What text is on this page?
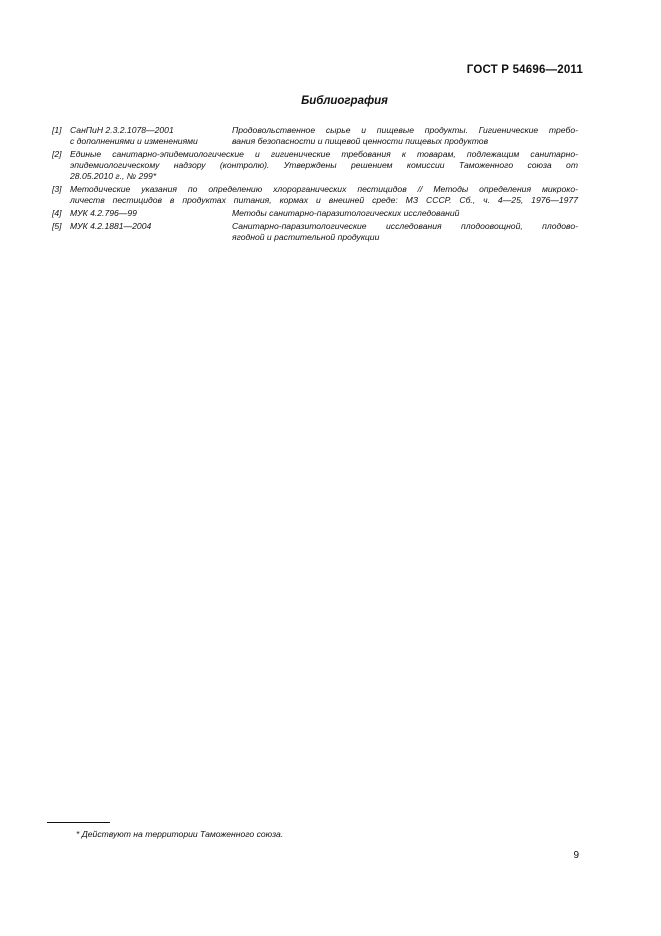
ГОСТ Р 54696—2011
Библиография
[1] СанПиН 2.3.2.1078—2001
с дополнениями и изменениями
Продовольственное сырье и пищевые продукты. Гигиенические требо-
вания безопасности и пищевой ценности пищевых продуктов
[2] Единые санитарно-эпидемиологические и гигиенические требования к товарам, подлежащим санитарно-
эпидемиологическому надзору (контролю). Утверждены решением комиссии Таможенного союза от
28.05.2010 г., № 299*
[3] Методические указания по определению хлорорганических пестицидов // Методы определения микроко-
личеств пестицидов в продуктах питания, кормах и внешней среде: МЗ СССР. Сб., ч. 4—25, 1976—1977
[4] МУК 4.2.796—99	Методы санитарно-паразитологических исследований
[5] МУК 4.2.1881—2004	Санитарно-паразитологические исследования плодоовощной, плодово-
ягодной и растительной продукции
* Действуют на территории Таможенного союза.
9
